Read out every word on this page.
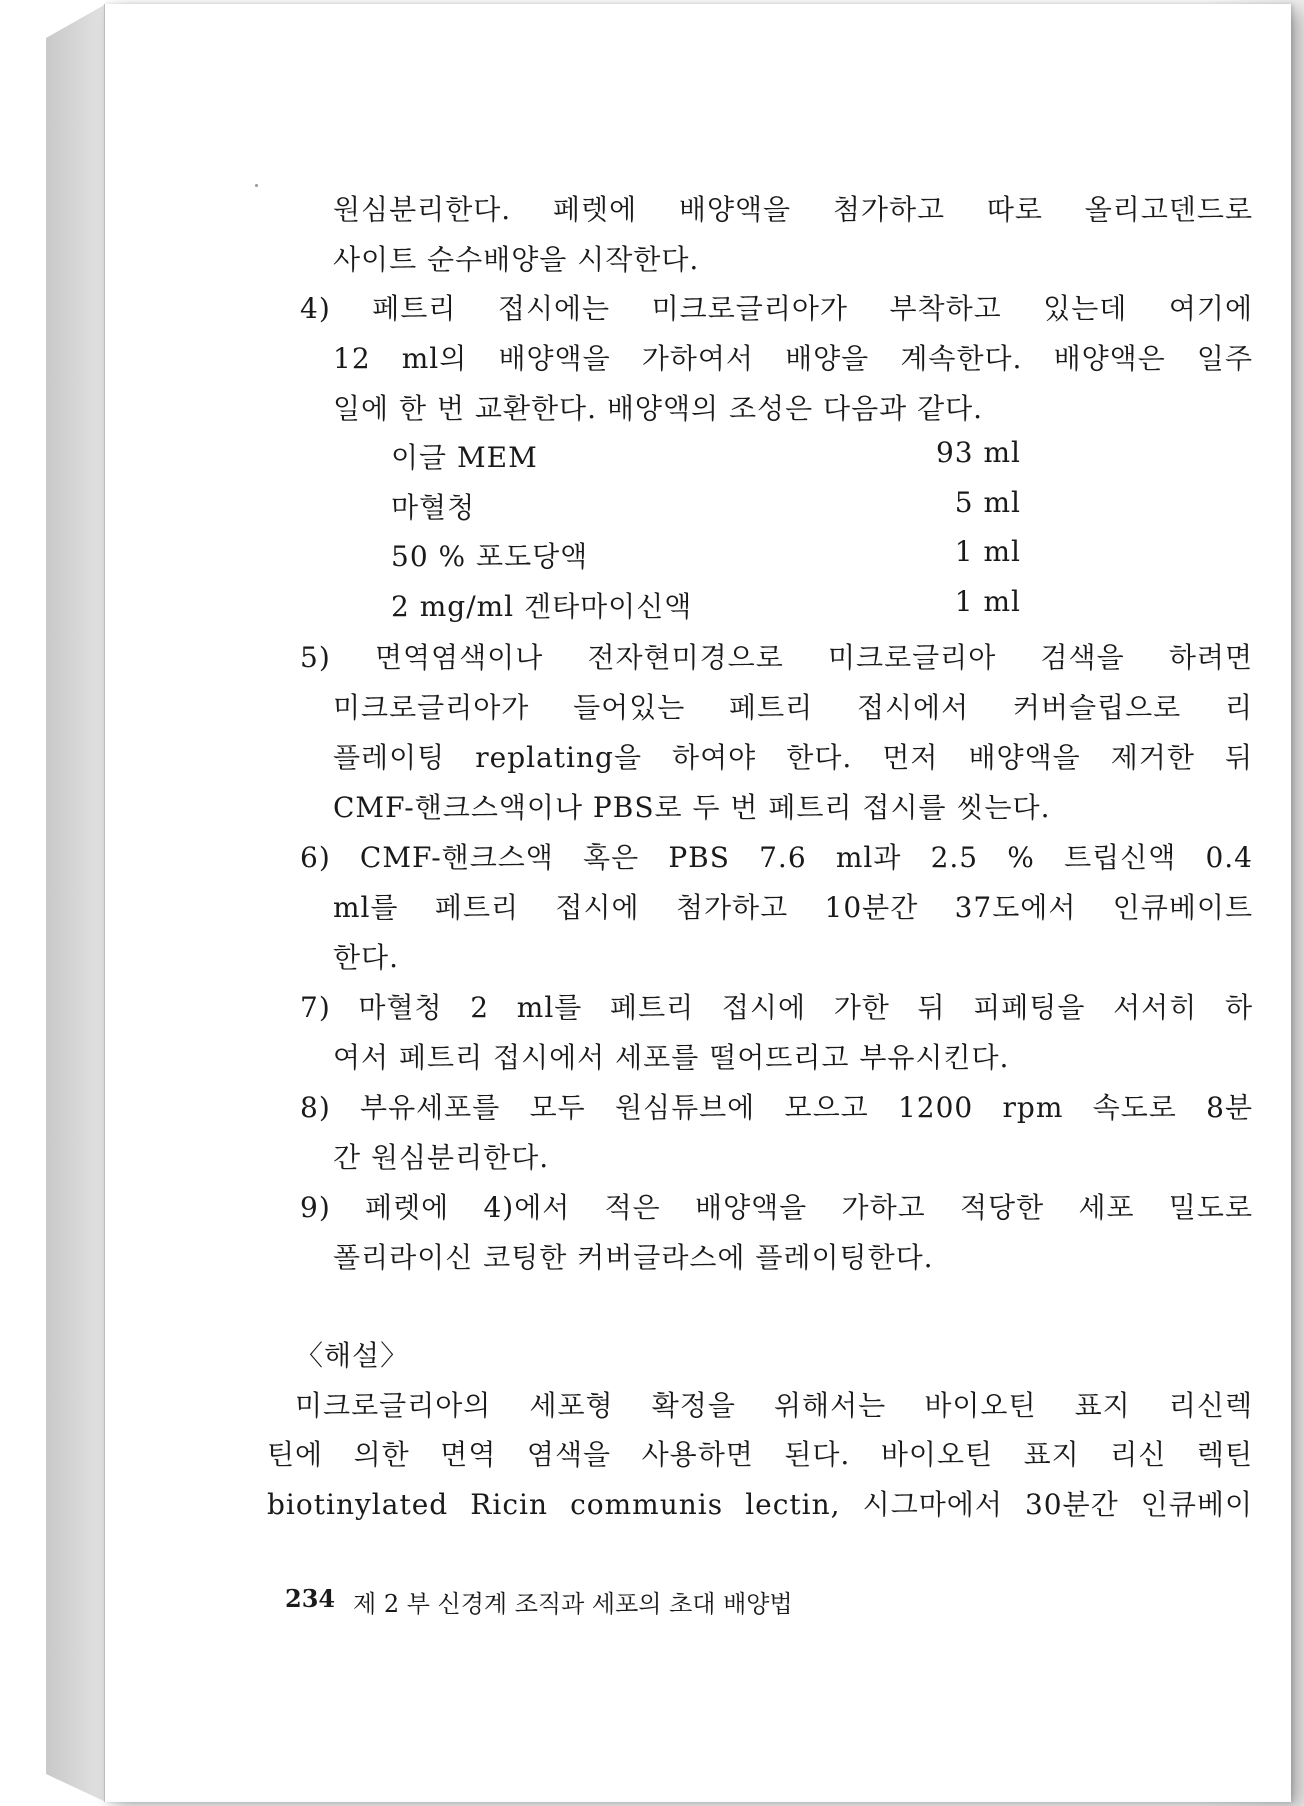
원심분리한다. 페렛에 배양액을 첨가하고 따로 올리고덴드로
사이트 순수배양을 시작한다.
4) 페트리 접시에는 미크로글리아가 부착하고 있는데 여기에
12 ml의 배양액을 가하여서 배양을 계속한다. 배양액은 일주
일에 한 번 교환한다. 배양액의 조성은 다음과 같다.
이글 MEM	93 ml
마혈청	5 ml
50 % 포도당액	1 ml
2 mg/ml 겐타마이신액	1 ml
5) 면역염색이나 전자현미경으로 미크로글리아 검색을 하려면
미크로글리아가 들어있는 페트리 접시에서 커버슬립으로 리
플레이팅 replating을 하여야 한다. 먼저 배양액을 제거한 뒤
CMF-핸크스액이나 PBS로 두 번 페트리 접시를 씻는다.
6) CMF-핸크스액 혹은 PBS 7.6 ml과 2.5 % 트립신액 0.4
ml를 페트리 접시에 첨가하고 10분간 37도에서 인큐베이트
한다.
7) 마혈청 2 ml를 페트리 접시에 가한 뒤 피페팅을 서서히 하
여서 페트리 접시에서 세포를 떨어뜨리고 부유시킨다.
8) 부유세포를 모두 원심튜브에 모으고 1200 rpm 속도로 8분
간 원심분리한다.
9) 페렛에 4)에서 적은 배양액을 가하고 적당한 세포 밀도로
폴리라이신 코팅한 커버글라스에 플레이팅한다.
〈해설〉
미크로글리아의 세포형 확정을 위해서는 바이오틴 표지 리신렉
틴에 의한 면역 염색을 사용하면 된다. 바이오틴 표지 리신 렉틴
biotinylated Ricin communis lectin, 시그마에서 30분간 인큐베이
234 제 2 부 신경계 조직과 세포의 초대 배양법
